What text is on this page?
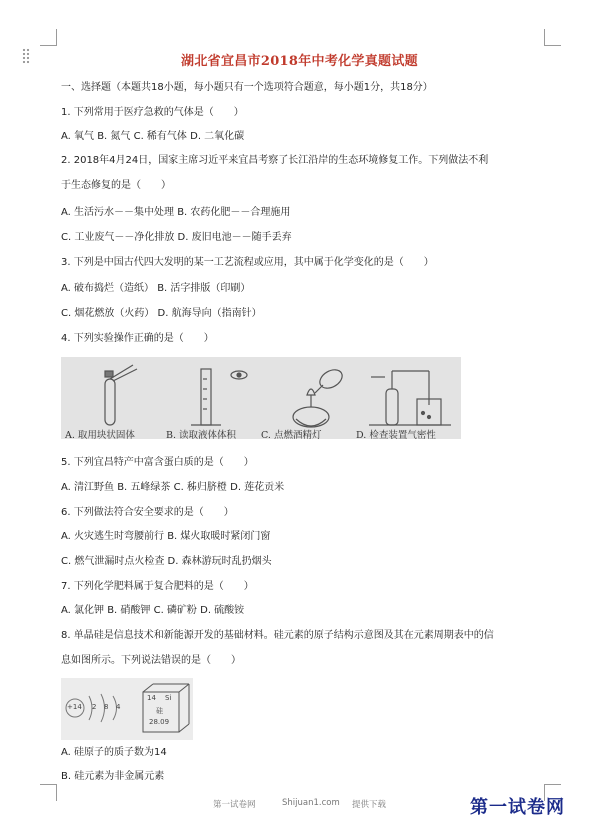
湖北省宜昌市2018年中考化学真题试题
一、选择题（本题共18小题，每小题只有一个选项符合题意，每小题1分，共18分）
1. 下列常用于医疗急救的气体是（　　）
A. 氧气 B. 氮气 C. 稀有气体 D. 二氧化碳
2. 2018年4月24日，国家主席习近平来宜昌考察了长江沿岸的生态环境修复工作。下列做法不利
于生态修复的是（　　）
A. 生活污水－－集中处理 B. 农药化肥－－合理施用
C. 工业废气－－净化排放 D. 废旧电池－－随手丢弃
3. 下列是中国古代四大发明的某一工艺流程或应用，其中属于化学变化的是（　　）
A. 破布捣烂（造纸） B. 活字排版（印刷）
C. 烟花燃放（火药） D. 航海导向（指南针）
4. 下列实验操作正确的是（　　）
A. 取用块状固体	B. 读取液体体积	C. 点燃酒精灯	D. 检查装置气密性
5. 下列宜昌特产中富含蛋白质的是（　　）
A. 清江野鱼 B. 五峰绿茶 C. 秭归脐橙 D. 莲花贡米
6. 下列做法符合安全要求的是（　　）
A. 火灾逃生时弯腰前行 B. 煤火取暖时紧闭门窗
C. 燃气泄漏时点火检查 D. 森林游玩时乱扔烟头
7. 下列化学肥料属于复合肥料的是（　　）
A. 氯化钾 B. 硝酸钾 C. 磷矿粉 D. 硫酸铵
8. 单晶硅是信息技术和新能源开发的基础材料。硅元素的原子结构示意图及其在元素周期表中的信
息如图所示。下列说法错误的是（　　）
+14 2 8 4
14 Si
硅
28.09
A. 硅原子的质子数为14
B. 硅元素为非金属元素
第一试卷网	Shijuan1.com 提供下载	第一试卷网
